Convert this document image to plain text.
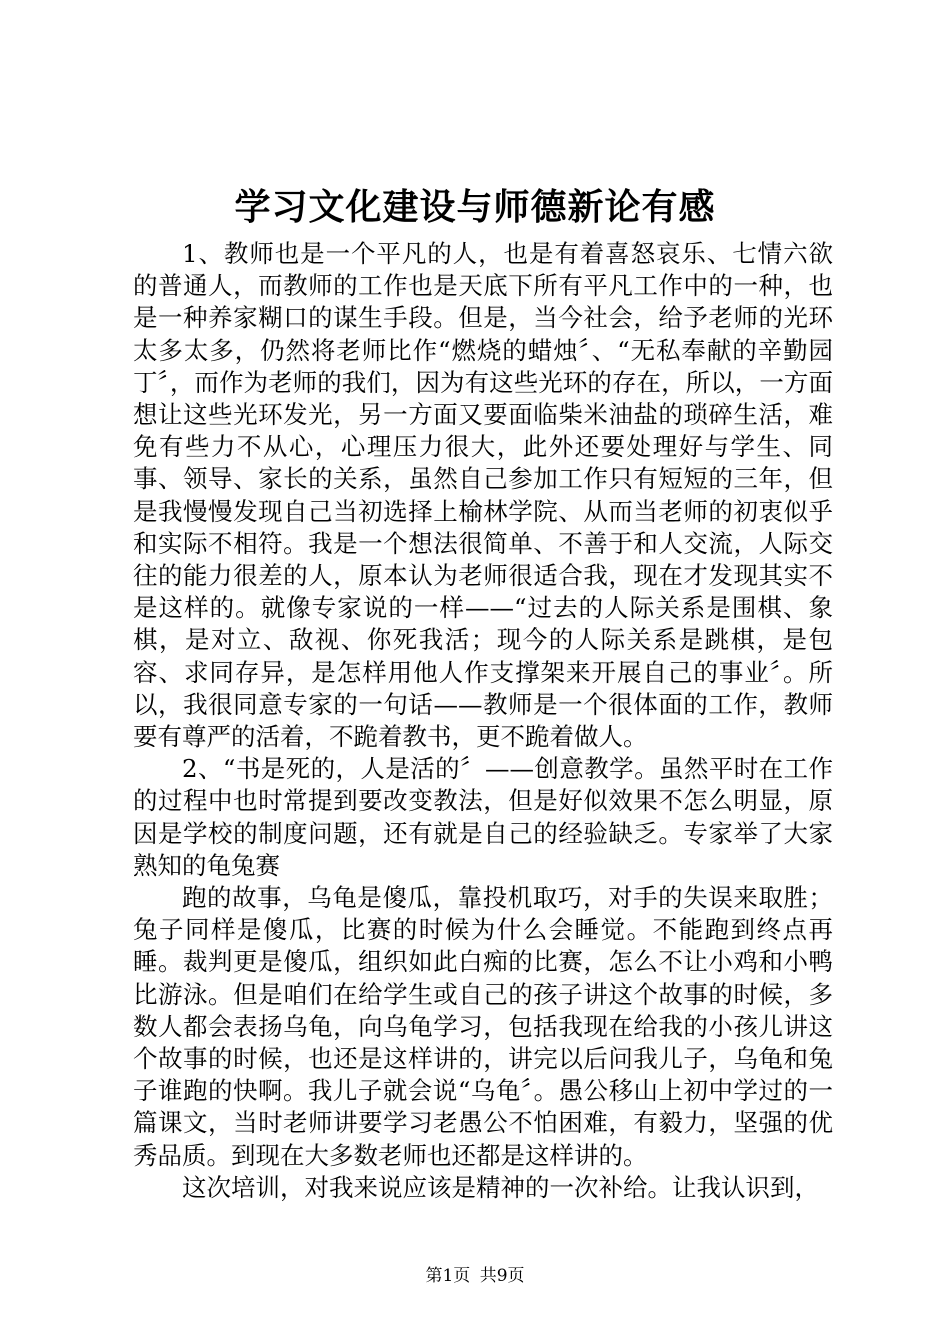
学习文化建设与师德新论有感

1、教师也是一个平凡的人，也是有着喜怒哀乐、七情六欲的普通人，而教师的工作也是天底下所有平凡工作中的一种，也是一种养家糊口的谋生手段。但是，当今社会，给予老师的光环太多太多，仍然将老师比作“燃烧的蜡烛〞、“无私奉献的辛勤园丁〞，而作为老师的我们，因为有这些光环的存在，所以，一方面想让这些光环发光，另一方面又要面临柴米油盐的琐碎生活，难免有些力不从心，心理压力很大，此外还要处理好与学生、同事、领导、家长的关系，虽然自己参加工作只有短短的三年，但是我慢慢发现自己当初选择上榆林学院、从而当老师的初衷似乎和实际不相符。我是一个想法很简单、不善于和人交流，人际交往的能力很差的人，原本认为老师很适合我，现在才发现其实不是这样的。就像专家说的一样——“过去的人际关系是围棋、象棋，是对立、敌视、你死我活；现今的人际关系是跳棋，是包容、求同存异，是怎样用他人作支撑架来开展自己的事业〞。所以，我很同意专家的一句话——教师是一个很体面的工作，教师要有尊严的活着，不跪着教书，更不跪着做人。

2、“书是死的，人是活的〞——创意教学。虽然平时在工作的过程中也时常提到要改变教法，但是好似效果不怎么明显，原因是学校的制度问题，还有就是自己的经验缺乏。专家举了大家熟知的龟兔赛

跑的故事，乌龟是傻瓜，靠投机取巧，对手的失误来取胜；兔子同样是傻瓜，比赛的时候为什么会睡觉。不能跑到终点再睡。裁判更是傻瓜，组织如此白痴的比赛，怎么不让小鸡和小鸭比游泳。但是咱们在给学生或自己的孩子讲这个故事的时候，多数人都会表扬乌龟，向乌龟学习，包括我现在给我的小孩儿讲这个故事的时候，也还是这样讲的，讲完以后问我儿子，乌龟和兔子谁跑的快啊。我儿子就会说“乌龟〞。愚公移山上初中学过的一篇课文，当时老师讲要学习老愚公不怕困难，有毅力，坚强的优秀品质。到现在大多数老师也还都是这样讲的。

这次培训，对我来说应该是精神的一次补给。让我认识到，

第1页 共9页
